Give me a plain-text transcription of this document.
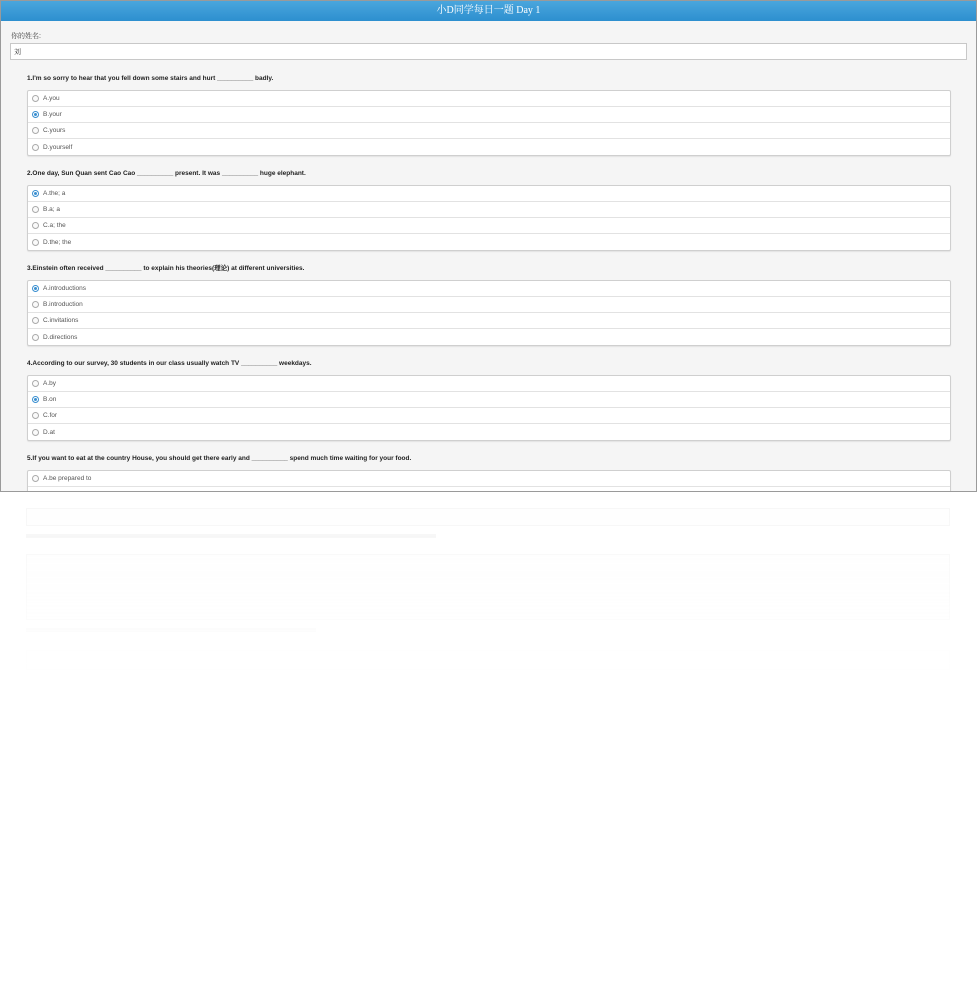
小D同学每日一题 Day 1
你的姓名:
刘
1.I'm so sorry to hear that you fell down some stairs and hurt __________ badly.
A.you
B.your
C.yours
D.yourself
2.One day, Sun Quan sent Cao Cao __________ present. It was __________ huge elephant.
A.the; a
B.a; a
C.a; the
D.the; the
3.Einstein often received __________ to explain his theories(理论) at different universities.
A.introductions
B.introduction
C.invitations
D.directions
4.According to our survey, 30 students in our class usually watch TV __________ weekdays.
A.by
B.on
C.for
D.at
5.If you want to eat at the country House, you should get there early and __________ spend much time waiting for your food.
A.be prepared to
